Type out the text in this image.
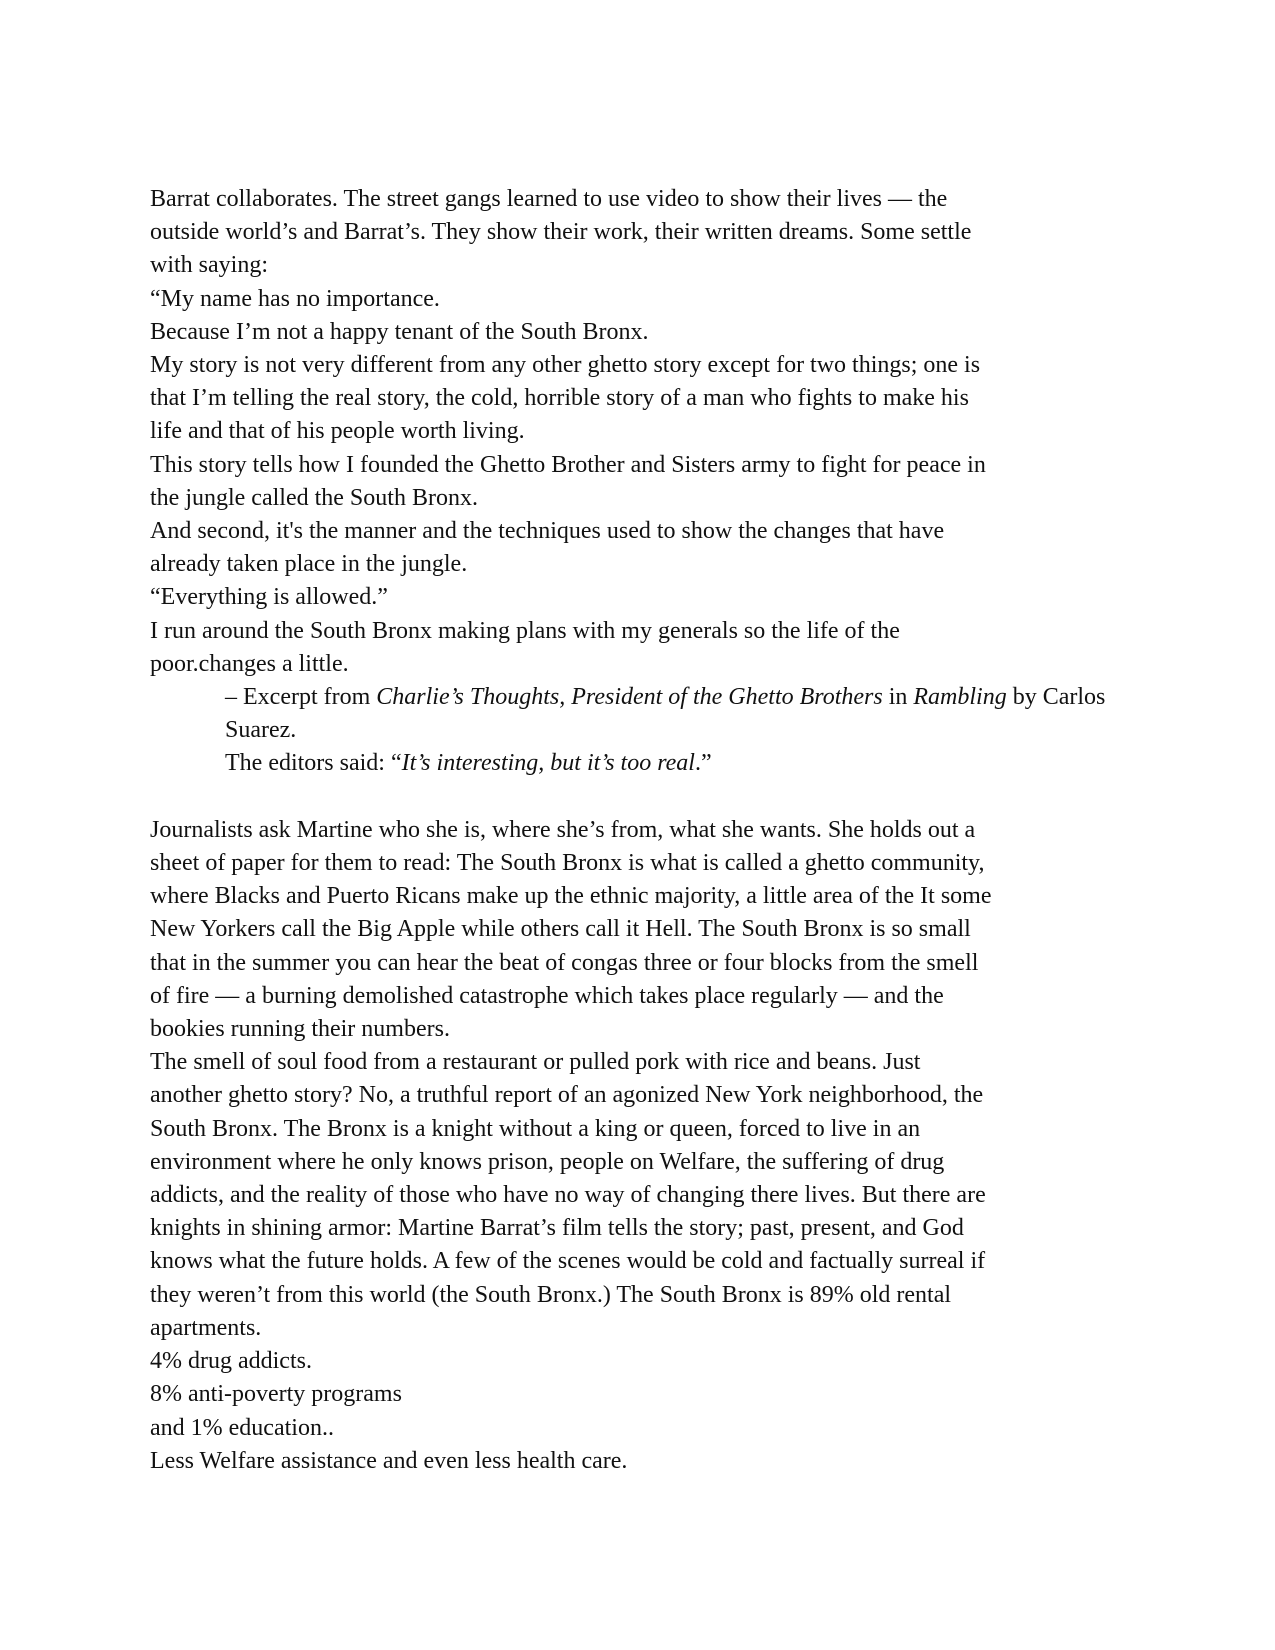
Barrat collaborates. The street gangs learned to use video to show their lives — the
outside world’s and Barrat’s. They show their work, their written dreams. Some settle
with saying:
“My name has no importance.
Because I’m not a happy tenant of the South Bronx.
My story is not very different from any other ghetto story except for two things; one is
that I’m telling the real story, the cold, horrible story of a man who fights to make his
life and that of his people worth living.
This story tells how I founded the Ghetto Brother and Sisters army to fight for peace in
the jungle called the South Bronx.
And second, it's the manner and the techniques used to show the changes that have
already taken place in the jungle.
“Everything is allowed.”
I run around the South Bronx making plans with my generals so the life of the
poor.changes a little.
– Excerpt from Charlie’s Thoughts, President of the Ghetto Brothers in Rambling by Carlos Suarez.
The editors said: “It’s interesting, but it’s too real.”
Journalists ask Martine who she is, where she’s from, what she wants. She holds out a
sheet of paper for them to read: The South Bronx is what is called a ghetto community,
where Blacks and Puerto Ricans make up the ethnic majority, a little area of the It some
New Yorkers call the Big Apple while others call it Hell. The South Bronx is so small
that in the summer you can hear the beat of congas three or four blocks from the smell
of fire — a burning demolished catastrophe which takes place regularly — and the
bookies running their numbers.
The smell of soul food from a restaurant or pulled pork with rice and beans. Just
another ghetto story? No, a truthful report of an agonized New York neighborhood, the
South Bronx. The Bronx is a knight without a king or queen, forced to live in an
environment where he only knows prison, people on Welfare, the suffering of drug
addicts, and the reality of those who have no way of changing there lives. But there are
knights in shining armor: Martine Barrat’s film tells the story; past, present, and God
knows what the future holds. A few of the scenes would be cold and factually surreal if
they weren’t from this world (the South Bronx.) The South Bronx is 89% old rental
apartments.
4% drug addicts.
8% anti-poverty programs
and 1% education..
Less Welfare assistance and even less health care.
